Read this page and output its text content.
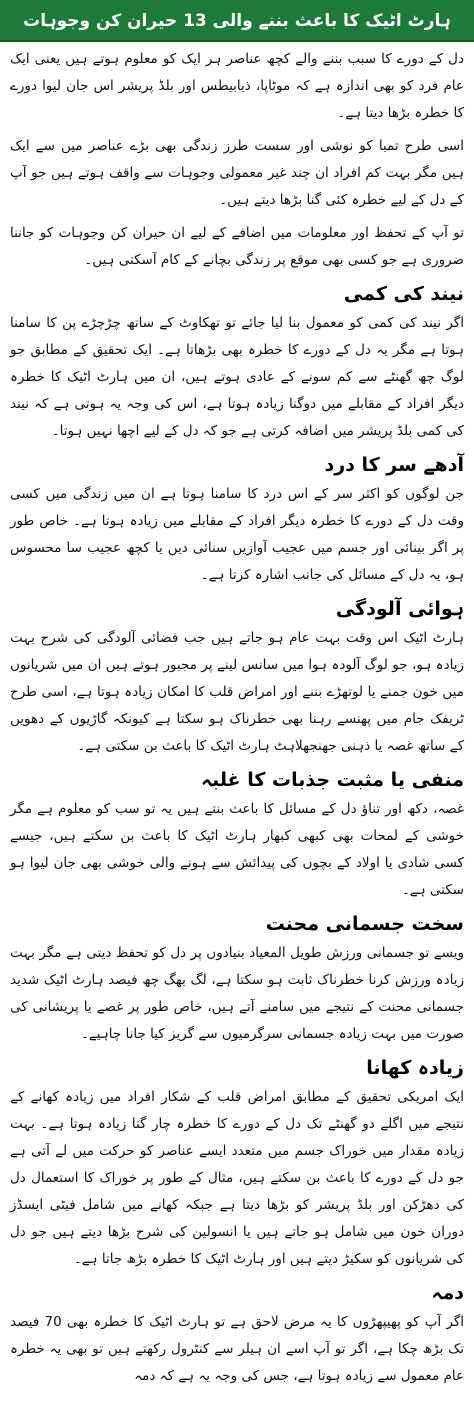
ہارٹ اٹیک کا باعث بننے والی 13 حیران کن وجوہات

دل کے دورے کا سبب بننے والے کچھ عناصر ہر ایک کو معلوم ہوتے ہیں یعنی ایک عام فرد کو بھی اندازہ ہے کہ موٹاپا، ذیابیطس اور بلڈ پریشر اس جان لیوا دورے کا خطرہ بڑھا دیتا ہے۔

اسی طرح تمبا کو نوشی اور سست طرز زندگی بھی بڑے عناصر میں سے ایک ہیں مگر بہت کم افراد ان چند غیر معمولی وجوہات سے واقف ہوتے ہیں جو آپ کے دل کے لیے خطرہ کئی گنا بڑھا دیتے ہیں۔

تو آپ کے تحفظ اور معلومات میں اضافے کے لیے ان حیران کن وجوہات کو جاننا ضروری ہے جو کسی بھی موقع پر زندگی بچانے کے کام آسکتی ہیں۔

نیند کی کمی

اگر نیند کی کمی کو معمول بنا لیا جائے تو تھکاوٹ کے ساتھ چڑچڑے پن کا سامنا ہوتا ہے مگر یہ دل کے دورے کا خطرہ بھی بڑھاتا ہے۔ ایک تحقیق کے مطابق جو لوگ چھ گھنٹے سے کم سونے کے عادی ہوتے ہیں، ان میں ہارٹ اٹیک کا خطرہ دیگر افراد کے مقابلے میں دوگنا زیادہ ہوتا ہے، اس کی وجہ یہ ہوتی ہے کہ نیند کی کمی بلڈ پریشر میں اضافہ کرتی ہے جو کہ دل کے لیے اچھا نہیں ہوتا۔

آدھے سر کا درد

جن لوگوں کو اکثر سر کے اس درد کا سامنا ہوتا ہے ان میں زندگی میں کسی وقت دل کے دورے کا خطرہ دیگر افراد کے مقابلے میں زیادہ ہوتا ہے۔ خاص طور پر اگر بینائی اور جسم میں عجیب آوازیں سنائی دیں یا کچھ عجیب سا محسوس ہو، یہ دل کے مسائل کی جانب اشارہ کرتا ہے۔

ہوائی آلودگی

ہارٹ اٹیک اس وقت بہت عام ہو جاتے ہیں جب فضائی آلودگی کی شرح بہت زیادہ ہو، جو لوگ آلودہ ہوا میں سانس لینے پر مجبور ہوتے ہیں ان میں شریانوں میں خون جمنے یا لوتھڑے بننے اور امراض قلب کا امکان زیادہ ہوتا ہے، اسی طرح ٹریفک جام میں پھنسے رہنا بھی خطرناک ہو سکتا ہے کیونکہ گاڑیوں کے دھویں کے ساتھ غصہ یا ذہنی جھنجھلاہٹ ہارٹ اٹیک کا باعث بن سکتی ہے۔

منفی یا مثبت جذبات کا غلبہ

غصہ، دکھ اور تناؤ دل کے مسائل کا باعث بنتے ہیں یہ تو سب کو معلوم ہے مگر خوشی کے لمحات بھی کبھی کبھار ہارٹ اٹیک کا باعث بن سکتے ہیں، جیسے کسی شادی یا اولاد کے بچوں کی پیدائش سے ہونے والی خوشی بھی جان لیوا ہو سکتی ہے۔

سخت جسمانی محنت

ویسے تو جسمانی ورزش طویل المعیاد بنیادوں پر دل کو تحفظ دیتی ہے مگر بہت زیادہ ورزش کرنا خطرناک ثابت ہو سکتا ہے، لگ بھگ چھ فیصد ہارٹ اٹیک شدید جسمانی محنت کے نتیجے میں سامنے آتے ہیں، خاص طور پر غصے یا پریشانی کی صورت میں بہت زیادہ جسمانی سرگرمیوں سے گریز کیا جانا چاہیے۔

زیادہ کھانا

ایک امریکی تحقیق کے مطابق امراض قلب کے شکار افراد میں زیادہ کھانے کے نتیجے میں اگلے دو گھنٹے تک دل کے دورے کا خطرہ چار گنا زیادہ ہوتا ہے۔ بہت زیادہ مقدار میں خوراک جسم میں متعدد ایسے عناصر کو حرکت میں لے آتی ہے جو دل کے دورے کا باعث بن سکتے ہیں، مثال کے طور پر خوراک کا استعمال دل کی دھڑکن اور بلڈ پریشر کو بڑھا دیتا ہے جبکہ کھانے میں شامل فیٹی ایسڈز دوران خون میں شامل ہو جاتے ہیں یا انسولین کی شرح بڑھا دیتے ہیں جو دل کی شریانوں کو سکیڑ دیتے ہیں اور ہارٹ اٹیک کا خطرہ بڑھ جاتا ہے۔

دمہ

اگر آپ کو پھیپھڑوں کا یہ مرض لاحق ہے تو ہارٹ اٹیک کا خطرہ بھی 70 فیصد تک بڑھ چکا ہے، اگر تو آپ اسے ان ہیلر سے کنٹرول رکھتے ہیں تو بھی یہ خطرہ عام معمول سے زیادہ ہوتا ہے، جس کی وجہ یہ ہے کہ دمہ
